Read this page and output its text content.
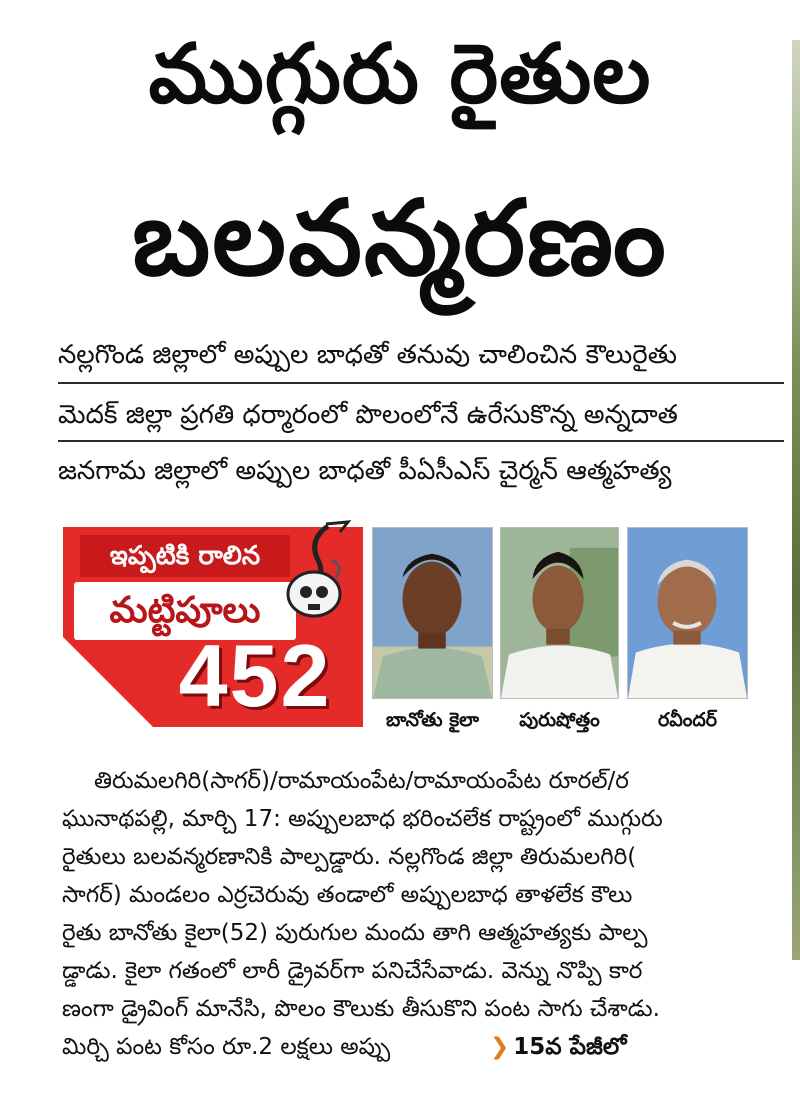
ముగ్గురు రైతుల
బలవన్మరణం
నల్లగొండ జిల్లాలో అప్పుల బాధతో తనువు చాలించిన కౌలురైతు
మెదక్ జిల్లా ప్రగతి ధర్మారంలో పొలంలోనే ఉరేసుకొన్న అన్నదాత
జనగామ జిల్లాలో అప్పుల బాధతో పీఏసీఎస్ చైర్మన్ ఆత్మహత్య
ఇప్పటికి రాలిన
మట్టిపూలు
452	బానోతు కైలా	పురుషోత్తం	రవీందర్

తిరుమలగిరి(సాగర్)/రామాయంపేట/రామాయంపేట రూరల్/ర

ఘునాథపల్లి, మార్చి 17: అప్పులబాధ భరించలేక రాష్ట్రంలో ముగ్గురు

రైతులు బలవన్మరణానికి పాల్పడ్డారు. నల్లగొండ జిల్లా తిరుమలగిరి(

సాగర్) మండలం ఎర్రచెరువు తండాలో అప్పులబాధ తాళలేక కౌలు

రైతు బానోతు కైలా(52) పురుగుల మందు తాగి ఆత్మహత్యకు పాల్ప

డ్డాడు. కైలా గతంలో లారీ డ్రైవర్‌గా పనిచేసేవాడు. వెన్ను నొప్పి కార

ణంగా డ్రైవింగ్ మానేసి, పొలం కౌలుకు తీసుకొని పంట సాగు చేశాడు.

మిర్చి పంట కోసం రూ.2 లక్షలు అప్పు	❯ 15వ పేజీలో
